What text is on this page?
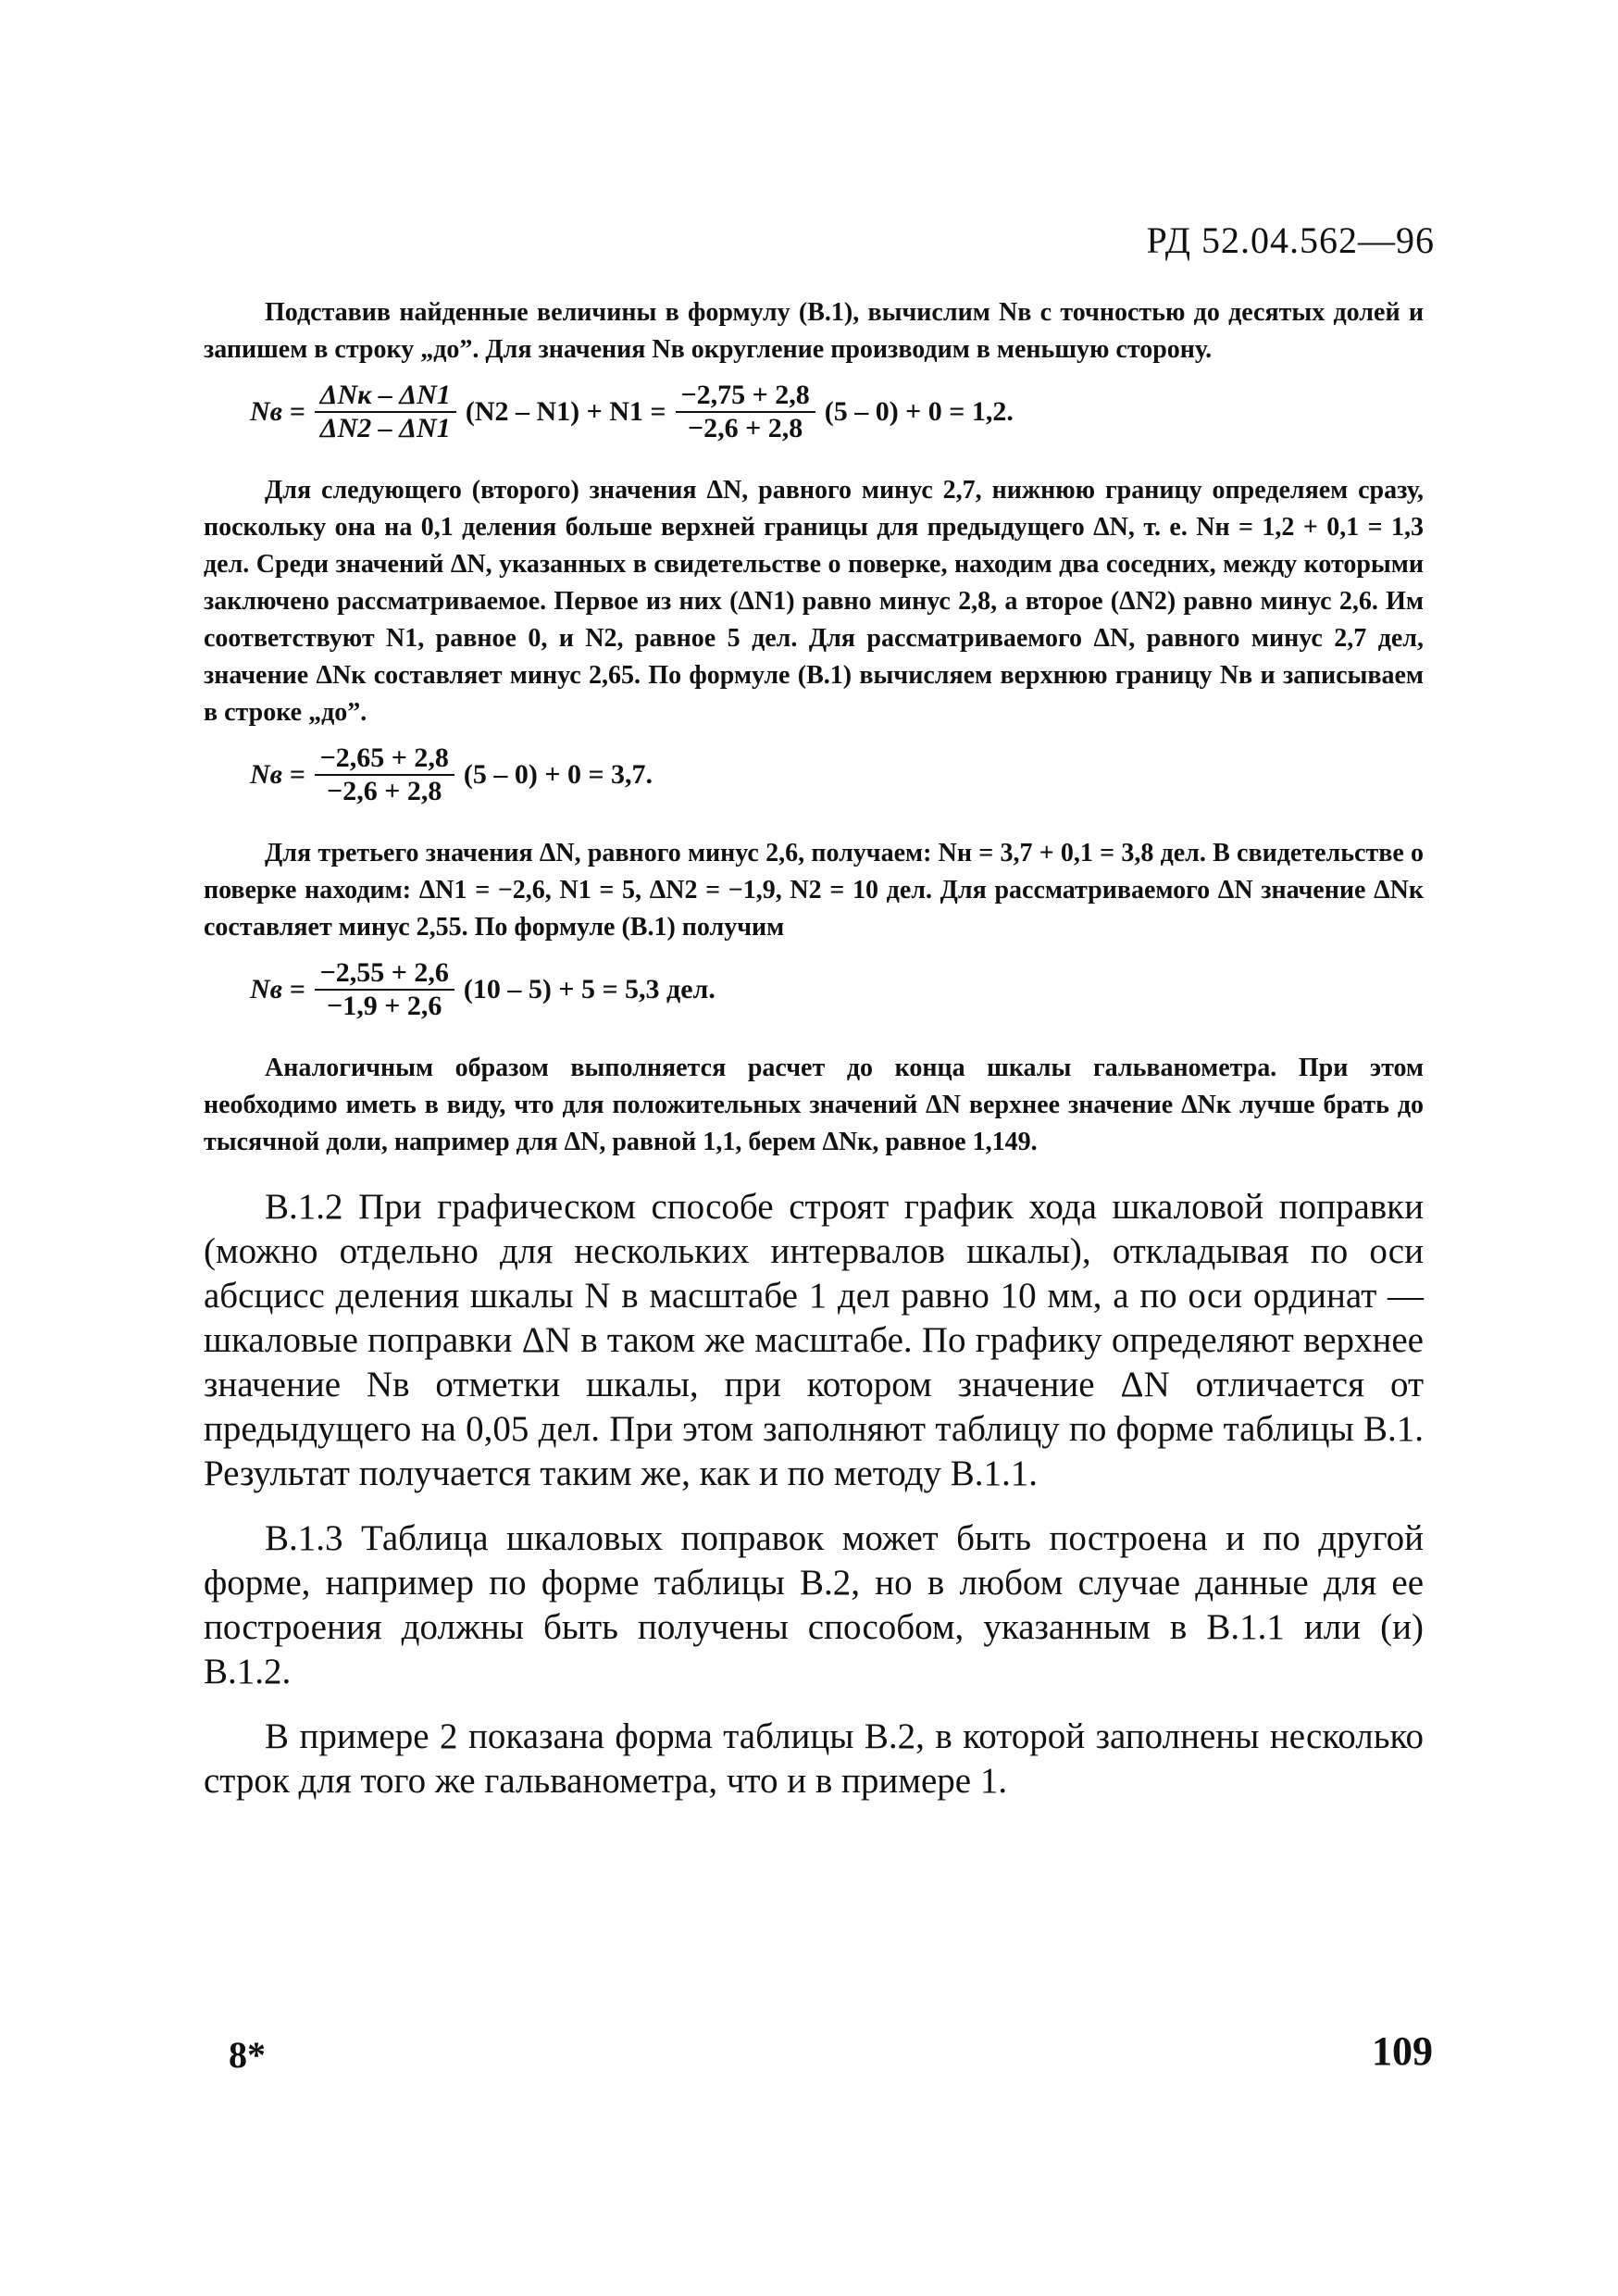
РД 52.04.562—96

Подставив найденные величины в формулу (В.1), вычислим Nв с точностью до десятых долей и запишем в строку „до”. Для значения Nв округление производим в меньшую сторону.

Nв = $\frac{\text{ΔNк – ΔN1}}{\Delta N2 - \Delta N1} (N2 - N1) + N1 = \frac{-2,75 + 2,8}{-2,6 + 2,8} (5 - 0) + 0 = 1,2$.

Для следующего (второго) значения ΔN, равного минус 2,7, нижнюю границу определяем сразу, поскольку она на 0,1 деления больше верхней границы для предыдущего ΔN, т. е. Nн = 1,2 + 0,1 = 1,3 дел. Среди значений ΔN, указанных в свидетельстве о поверке, находим два соседних, между которыми заключено рассматриваемое. Первое из них (ΔN1) равно минус 2,8, а второе (ΔN2) равно минус 2,6. Им соответствуют N1, равное 0, и N2, равное 5 дел. Для рассматриваемого ΔN, равного минус 2,7 дел, значение ΔNк составляет минус 2,65. По формуле (В.1) вычисляем верхнюю границу Nв и записываем в строке „до”.

Nв = $\frac{-2,65 + 2,8}{-2,6 + 2,8} (5 - 0) + 0 = 3,7$.

Для третьего значения ΔN, равного минус 2,6, получаем: Nн = 3,7 + 0,1 = 3,8 дел. В свидетельстве о поверке находим: ΔN1 = −2,6, N1 = 5, ΔN2 = −1,9, N2 = 10 дел. Для рассматриваемого ΔN значение ΔNк составляет минус 2,55. По формуле (В.1) получим

Nв = $\frac{-2,55 + 2,6}{-1,9 + 2,6} (10 - 5) + 5 = 5,3$ дел.

Аналогичным образом выполняется расчет до конца шкалы гальванометра. При этом необходимо иметь в виду, что для положительных значений ΔN верхнее значение ΔNк лучше брать до тысячной доли, например для ΔN, равной 1,1, берем ΔNк, равное 1,149.

В.1.2 При графическом способе строят график хода шкаловой поправки (можно отдельно для нескольких интервалов шкалы), откладывая по оси абсцисс деления шкалы N в масштабе 1 дел равно 10 мм, а по оси ординат — шкаловые поправки ΔN в таком же масштабе. По графику определяют верхнее значение Nв отметки шкалы, при котором значение ΔN отличается от предыдущего на 0,05 дел. При этом заполняют таблицу по форме таблицы В.1. Результат получается таким же, как и по методу В.1.1.

В.1.3 Таблица шкаловых поправок может быть построена и по другой форме, например по форме таблицы В.2, но в любом случае данные для ее построения должны быть получены способом, указанным в В.1.1 или (и) В.1.2.

В примере 2 показана форма таблицы В.2, в которой заполнены несколько строк для того же гальванометра, что и в примере 1.

8*	109
